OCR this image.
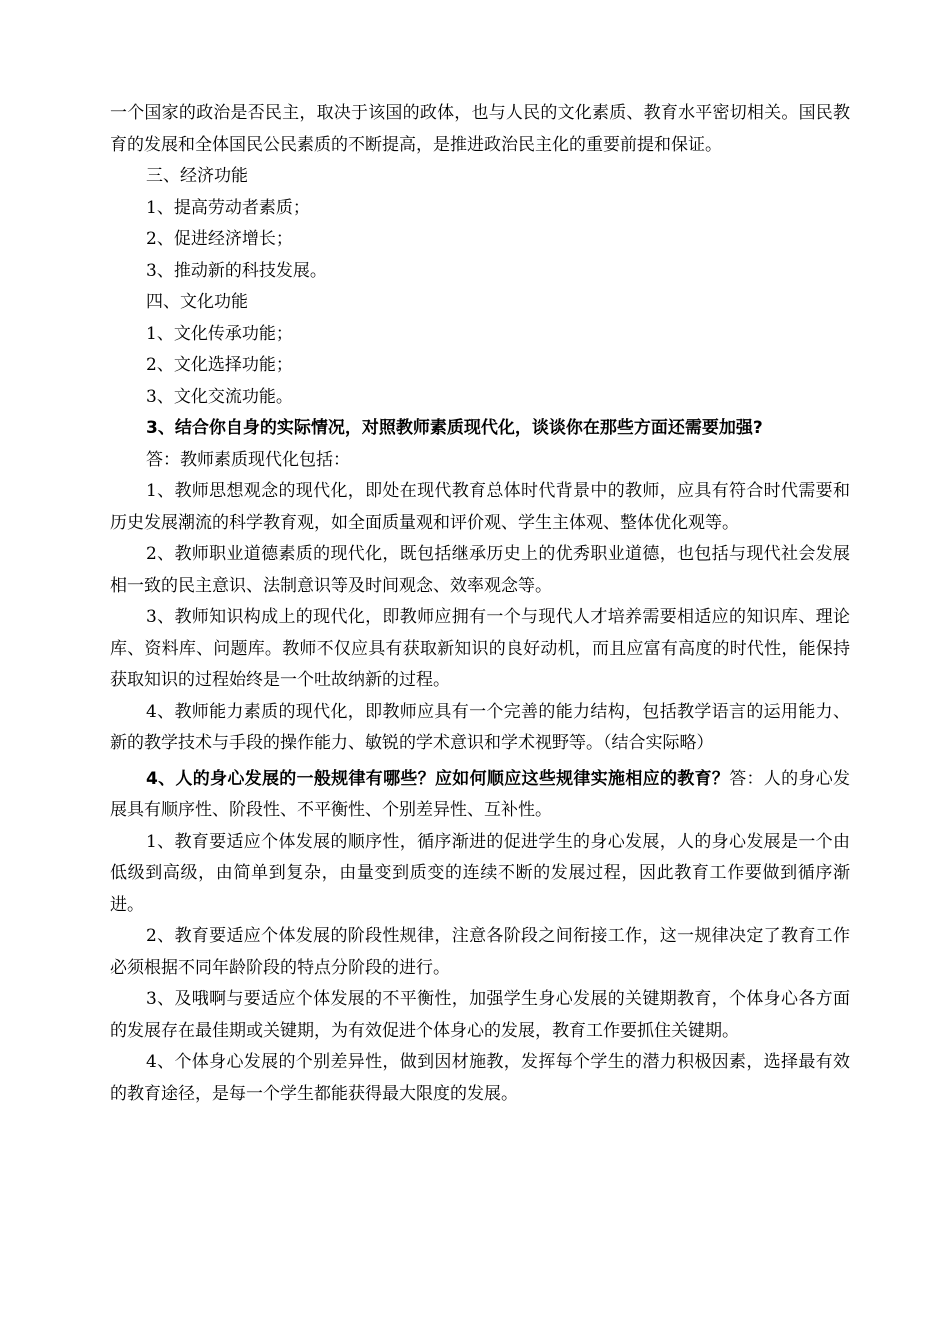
一个国家的政治是否民主，取决于该国的政体，也与人民的文化素质、教育水平密切相关。国民教育的发展和全体国民公民素质的不断提高，是推进政治民主化的重要前提和保证。

三、经济功能

1、提高劳动者素质；

2、促进经济增长；

3、推动新的科技发展。

四、文化功能

1、文化传承功能；

2、文化选择功能；

3、文化交流功能。

3、结合你自身的实际情况，对照教师素质现代化，谈谈你在那些方面还需要加强?

答：教师素质现代化包括：

1、教师思想观念的现代化，即处在现代教育总体时代背景中的教师，应具有符合时代需要和历史发展潮流的科学教育观，如全面质量观和评价观、学生主体观、整体优化观等。

2、教师职业道德素质的现代化，既包括继承历史上的优秀职业道德，也包括与现代社会发展相一致的民主意识、法制意识等及时间观念、效率观念等。

3、教师知识构成上的现代化，即教师应拥有一个与现代人才培养需要相适应的知识库、理论库、资料库、问题库。教师不仅应具有获取新知识的良好动机，而且应富有高度的时代性，能保持获取知识的过程始终是一个吐故纳新的过程。

4、教师能力素质的现代化，即教师应具有一个完善的能力结构，包括教学语言的运用能力、新的教学技术与手段的操作能力、敏锐的学术意识和学术视野等。（结合实际略）

4、人的身心发展的一般规律有哪些？应如何顺应这些规律实施相应的教育？答：人的身心发展具有顺序性、阶段性、不平衡性、个别差异性、互补性。

1、教育要适应个体发展的顺序性，循序渐进的促进学生的身心发展，人的身心发展是一个由低级到高级，由简单到复杂，由量变到质变的连续不断的发展过程，因此教育工作要做到循序渐进。

2、教育要适应个体发展的阶段性规律，注意各阶段之间衔接工作，这一规律决定了教育工作必须根据不同年龄阶段的特点分阶段的进行。

3、及哦啊与要适应个体发展的不平衡性，加强学生身心发展的关键期教育，个体身心各方面的发展存在最佳期或关键期，为有效促进个体身心的发展，教育工作要抓住关键期。

4、个体身心发展的个别差异性，做到因材施教，发挥每个学生的潜力积极因素，选择最有效的教育途径，是每一个学生都能获得最大限度的发展。
